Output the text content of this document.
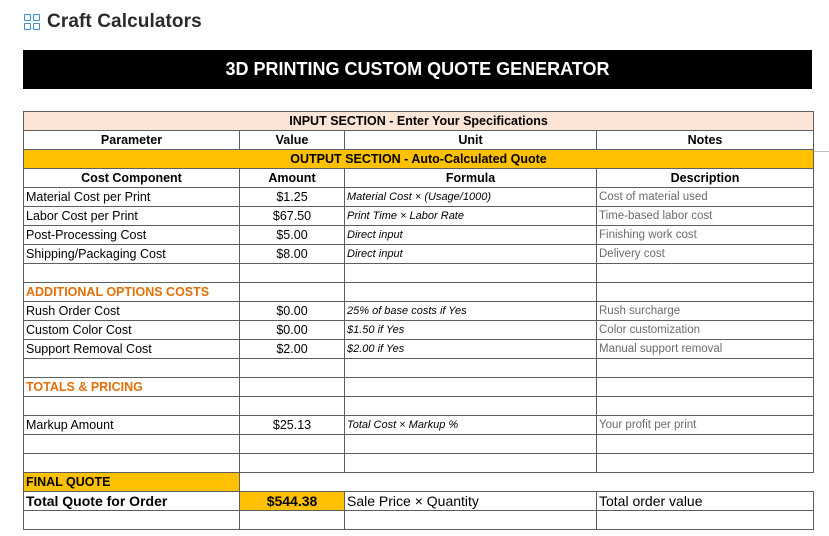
Craft Calculators
3D PRINTING CUSTOM QUOTE GENERATOR
INPUT SECTION - Enter Your Specifications			
Parameter	Value	Unit	Notes
OUTPUT SECTION - Auto-Calculated Quote			
Cost Component	Amount	Formula	Description
Material Cost per Print	$1.25	Material Cost × (Usage/1000)	Cost of material used
Labor Cost per Print	$67.50	Print Time × Labor Rate	Time-based labor cost
Post-Processing Cost	$5.00	Direct input	Finishing work cost
Shipping/Packaging Cost	$8.00	Direct input	Delivery cost

ADDITIONAL OPTIONS COSTS			
Rush Order Cost	$0.00	25% of base costs if Yes	Rush surcharge
Custom Color Cost	$0.00	$1.50 if Yes	Color customization
Support Removal Cost	$2.00	$2.00 if Yes	Manual support removal

TOTALS & PRICING			

Markup Amount	$25.13	Total Cost × Markup %	Your profit per print

FINAL QUOTE			
Total Quote for Order	$544.38	Sale Price × Quantity	Total order value
